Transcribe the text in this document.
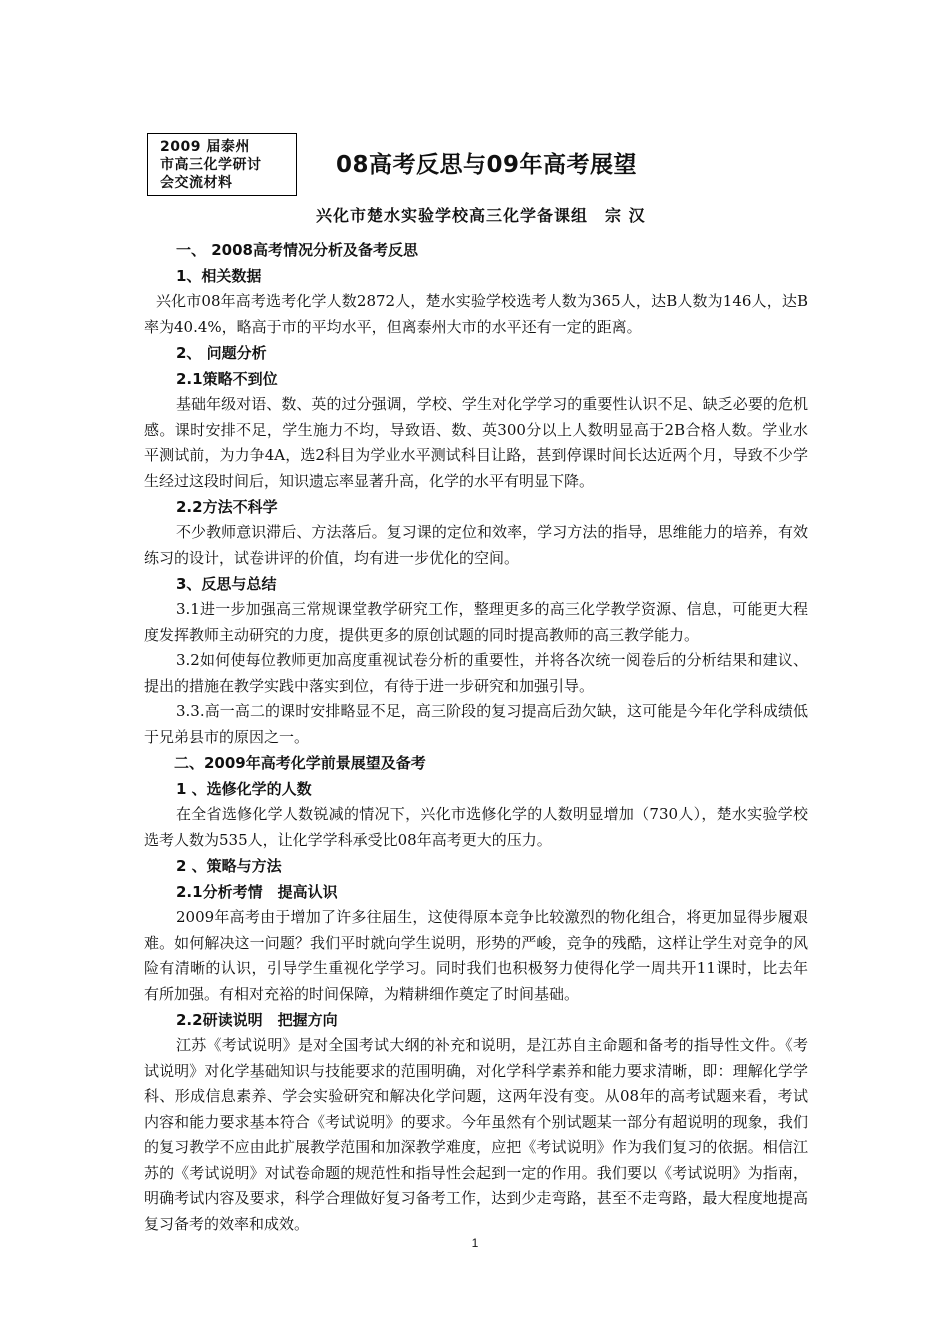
2009 届泰州
市高三化学研讨
会交流材料
08高考反思与09年高考展望
兴化市楚水实验学校高三化学备课组　宗 汉
一、 2008高考情况分析及备考反思
1、相关数据

兴化市08年高考选考化学人数2872人，楚水实验学校选考人数为365人，达B人数为146人，达B率为40.4%，略高于市的平均水平，但离泰州大市的水平还有一定的距离。

2、 问题分析
2.1策略不到位

基础年级对语、数、英的过分强调，学校、学生对化学学习的重要性认识不足、缺乏必要的危机感。课时安排不足，学生施力不均，导致语、数、英300分以上人数明显高于2B合格人数。学业水平测试前，为力争4A，选2科目为学业水平测试科目让路，甚到停课时间长达近两个月，导致不少学生经过这段时间后，知识遗忘率显著升高，化学的水平有明显下降。

2.2方法不科学

不少教师意识滞后、方法落后。复习课的定位和效率，学习方法的指导，思维能力的培养，有效练习的设计，试卷讲评的价值，均有进一步优化的空间。

3、反思与总结

3.1进一步加强高三常规课堂教学研究工作，整理更多的高三化学教学资源、信息，可能更大程度发挥教师主动研究的力度，提供更多的原创试题的同时提高教师的高三教学能力。

3.2如何使每位教师更加高度重视试卷分析的重要性，并将各次统一阅卷后的分析结果和建议、提出的措施在教学实践中落实到位，有待于进一步研究和加强引导。

3.3.高一高二的课时安排略显不足，高三阶段的复习提高后劲欠缺，这可能是今年化学科成绩低于兄弟县市的原因之一。

二、2009年高考化学前景展望及备考
1 、选修化学的人数

在全省选修化学人数锐减的情况下，兴化市选修化学的人数明显增加（730人），楚水实验学校选考人数为535人，让化学学科承受比08年高考更大的压力。

2 、策略与方法
2.1分析考情　提高认识

2009年高考由于增加了许多往届生，这使得原本竞争比较激烈的物化组合，将更加显得步履艰难。如何解决这一问题？我们平时就向学生说明，形势的严峻，竞争的残酷，这样让学生对竞争的风险有清晰的认识，引导学生重视化学学习。同时我们也积极努力使得化学一周共开11课时，比去年有所加强。有相对充裕的时间保障，为精耕细作奠定了时间基础。

2.2研读说明　把握方向

江苏《考试说明》是对全国考试大纲的补充和说明，是江苏自主命题和备考的指导性文件。《考试说明》对化学基础知识与技能要求的范围明确，对化学科学素养和能力要求清晰，即：理解化学学科、形成信息素养、学会实验研究和解决化学问题，这两年没有变。从08年的高考试题来看，考试内容和能力要求基本符合《考试说明》的要求。今年虽然有个别试题某一部分有超说明的现象，我们的复习教学不应由此扩展教学范围和加深教学难度，应把《考试说明》作为我们复习的依据。相信江苏的《考试说明》对试卷命题的规范性和指导性会起到一定的作用。我们要以《考试说明》为指南，明确考试内容及要求，科学合理做好复习备考工作，达到少走弯路，甚至不走弯路，最大程度地提高复习备考的效率和成效。

1
